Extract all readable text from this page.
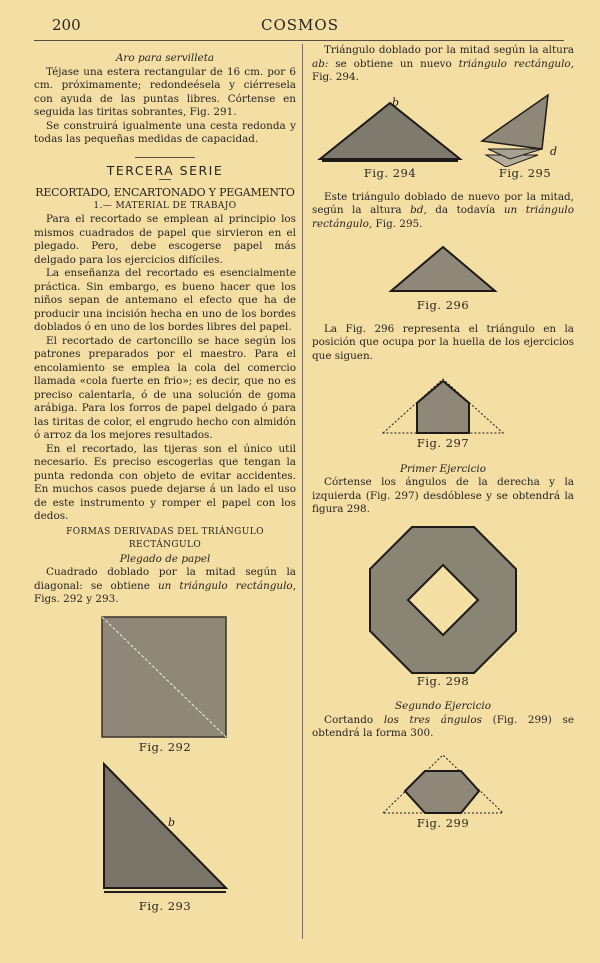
200	COSMOS

Aro para servilleta

Téjase una estera rectangular de 16 cm. por 6 cm. próximamente; redondeésela y ciérresela con ayuda de las puntas libres. Córtense en seguida las tiritas sobrantes, Fig. 291.

Se construirá igualmente una cesta redonda y todas las pequeñas medidas de capacidad.

TERCERA SERIE

RECORTADO, ENCARTONADO Y PEGAMENTO

1.— MATERIAL DE TRABAJO

Para el recortado se emplean al principio los mismos cuadrados de papel que sirvieron en el plegado. Pero, debe escogerse papel más delgado para los ejercicios difíciles.

La enseñanza del recortado es esencialmente práctica. Sin embargo, es bueno hacer que los niños sepan de antemano el efecto que ha de producir una incisión hecha en uno de los bordes doblados ó en uno de los bordes libres del papel.

El recortado de cartoncillo se hace según los patrones preparados por el maestro. Para el encolamiento se emplea la cola del comercio llamada «cola fuerte en frio»; es decir, que no es preciso calentarla, ó de una solución de goma arábiga. Para los forros de papel delgado ó para las tiritas de color, el engrudo hecho con almidón ó arroz da los mejores resultados.

En el recortado, las tijeras son el único util necesario. Es preciso escogerlas que tengan la punta redonda con objeto de evitar accidentes. En muchos casos puede dejarse á un lado el uso de este instrumento y romper el papel con los dedos.

FORMAS DERIVADAS DEL TRIÁNGULO RECTÁNGULO

Plegado de papel

Cuadrado doblado por la mitad según la diagonal: se obtiene un triángulo rectángulo, Figs. 292 y 293.

Fig. 292

b

Fig. 293

Triángulo doblado por la mitad según la altura ab: se obtiene un nuevo triángulo rectángulo, Fig. 294.

b

Fig. 294

d

Fig. 295

Este triángulo doblado de nuevo por la mitad, según la altura bd, da todavía un triángulo rectángulo, Fig. 295.

Fig. 296

La Fig. 296 representa el triángulo en la posición que ocupa por la huella de los ejercicios que siguen.

Fig. 297

Primer Ejercicio

Córtense los ángulos de la derecha y la izquierda (Fig. 297) desdóblese y se obtendrá la figura 298.

Fig. 298

Segundo Ejercicio

Cortando los tres ángulos (Fig. 299) se obtendrá la forma 300.

Fig. 299
